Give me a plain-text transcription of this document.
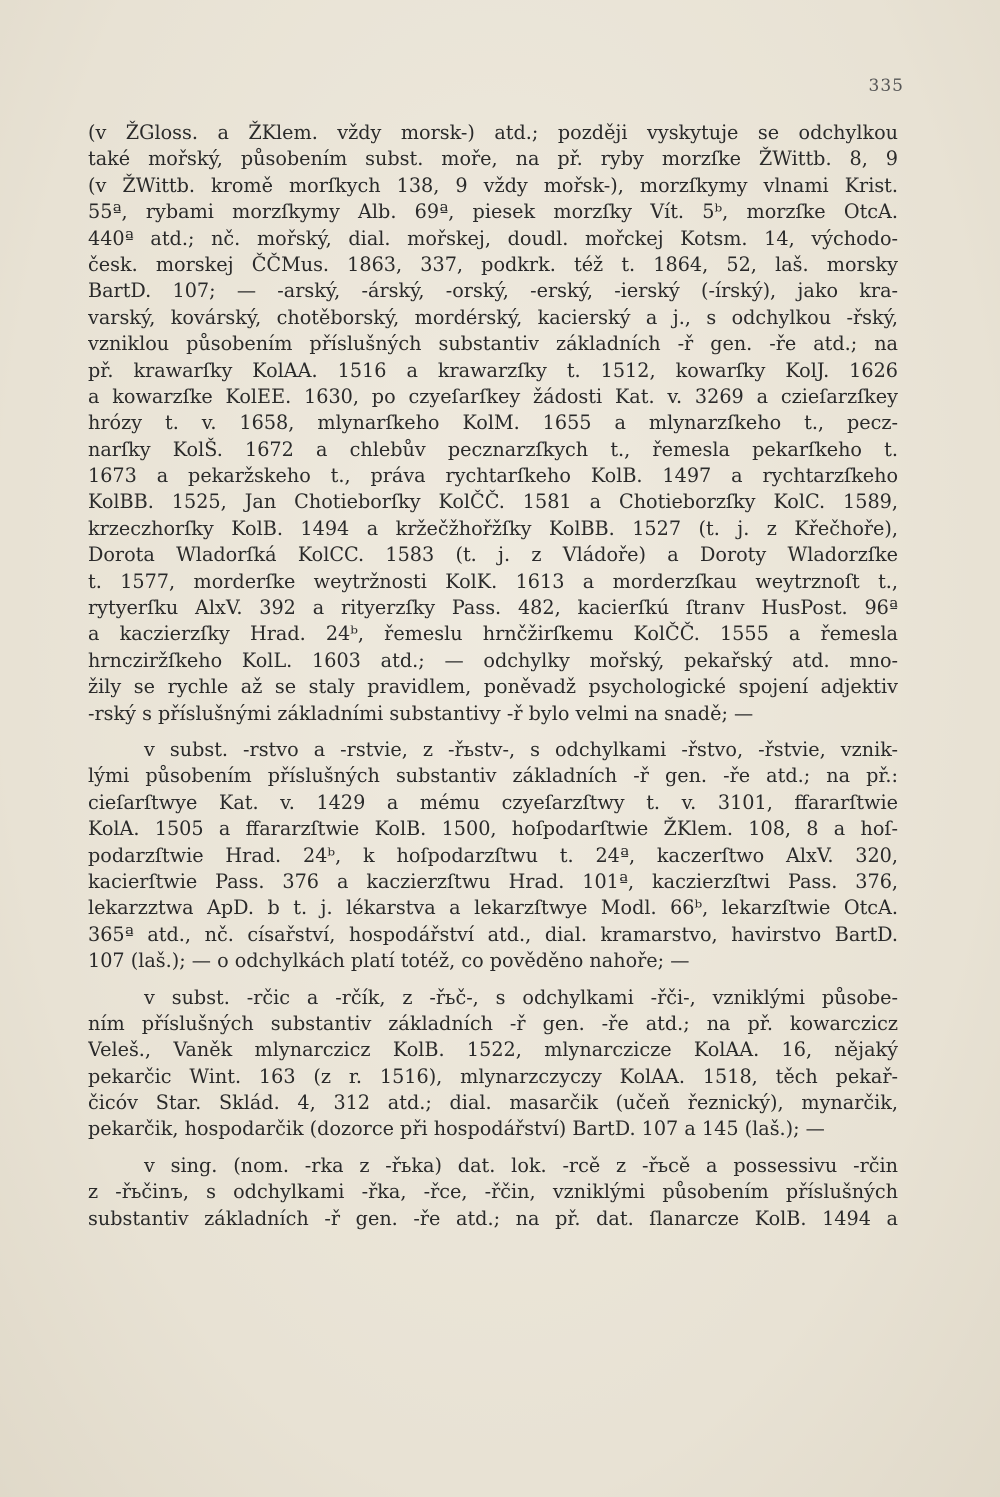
335
(v ŽGloss. a ŽKlem. vždy morsk-) atd.; později vyskytuje se odchylkou
také mořský, působením subst. moře, na př. ryby morzſke ŽWittb. 8, 9
(v ŽWittb. kromě morſkych 138, 9 vždy mořsk-), morzſkymy vlnami Krist.
55ª, rybami morzſkymy Alb. 69ª, piesek morzſky Vít. 5ᵇ, morzſke OtcA.
440ª atd.; nč. mořský, dial. mořskej, doudl. mořckej Kotsm. 14, východo-
česk. morskej ČČMus. 1863, 337, podkrk. též t. 1864, 52, laš. morsky
BartD. 107; — -arský, -árský, -orský, -erský, -ierský (-írský), jako kra-
varský, kovárský, chotěborský, mordérský, kacierský a j., s odchylkou -řský,
vzniklou působením příslušných substantiv základních -ř gen. -ře atd.; na
př. krawarſky KolAA. 1516 a krawarzſky t. 1512, kowarſky KolJ. 1626
a kowarzſke KolEE. 1630, po czyeſarſkey žádosti Kat. v. 3269 a czieſarzſkey
hrózy t. v. 1658, mlynarſkeho KolM. 1655 a mlynarzſkeho t., pecz-
narſky KolŠ. 1672 a chlebův pecznarzſkych t., řemesla pekarſkeho t.
1673 a pekaržskeho t., práva rychtarſkeho KolB. 1497 a rychtarzſkeho
KolBB. 1525, Jan Chotieborſky KolČČ. 1581 a Chotieborzſky KolC. 1589,
krzeczhorſky KolB. 1494 a kržečžhořžſky KolBB. 1527 (t. j. z Křečhoře),
Dorota Wladorſká KolCC. 1583 (t. j. z Vládoře) a Doroty Wladorzſke
t. 1577, morderſke weytržnosti KolK. 1613 a morderzſkau weytrznoſt t.,
rytyerſku AlxV. 392 a rityerzſky Pass. 482, kacierſkú ſtranv HusPost. 96ª
a kaczierzſky Hrad. 24ᵇ, řemeslu hrnčžirſkemu KolČČ. 1555 a řemesla
hrncziržſkeho KolL. 1603 atd.; — odchylky mořský, pekařský atd. mno-
žily se rychle až se staly pravidlem, poněvadž psychologické spojení adjektiv
-rský s příslušnými základními substantivy -ř bylo velmi na snadě; —
v subst. -rstvo a -rstvie, z -řьstv-, s odchylkami -řstvo, -řstvie, vznik-
lými působením příslušných substantiv základních -ř gen. -ře atd.; na př.:
cieſarſtwye Kat. v. 1429 a mému czyeſarzſtwy t. v. 3101, ffararſtwie
KolA. 1505 a ffararzſtwie KolB. 1500, hoſpodarſtwie ŽKlem. 108, 8 a hoſ-
podarzſtwie Hrad. 24ᵇ, k hoſpodarzſtwu t. 24ª, kaczerſtwo AlxV. 320,
kacierſtwie Pass. 376 a kaczierzſtwu Hrad. 101ª, kaczierzſtwi Pass. 376,
lekarzztwa ApD. b t. j. lékarstva a lekarzſtwye Modl. 66ᵇ, lekarzſtwie OtcA.
365ª atd., nč. císařství, hospodářství atd., dial. kramarstvo, havirstvo BartD.
107 (laš.); — o odchylkách platí totéž, co pověděno nahoře; —
v subst. -rčic a -rčík, z -řьč-, s odchylkami -řči-, vzniklými působe-
ním příslušných substantiv základních -ř gen. -ře atd.; na př. kowarczicz
Veleš., Vaněk mlynarczicz KolB. 1522, mlynarczicze KolAA. 16, nějaký
pekarčic Wint. 163 (z r. 1516), mlynarzczyczy KolAA. 1518, těch pekař-
čicóv Star. Sklád. 4, 312 atd.; dial. masarčik (učeň řeznický), mynarčik,
pekarčik, hospodarčik (dozorce při hospodářství) BartD. 107 a 145 (laš.); —
v sing. (nom. -rka z -řьka) dat. lok. -rcě z -řьcě a possessivu -rčin
z -řьčinъ, s odchylkami -řka, -řce, -řčin, vzniklými působením příslušných
substantiv základních -ř gen. -ře atd.; na př. dat. ſlanarcze KolB. 1494 a
